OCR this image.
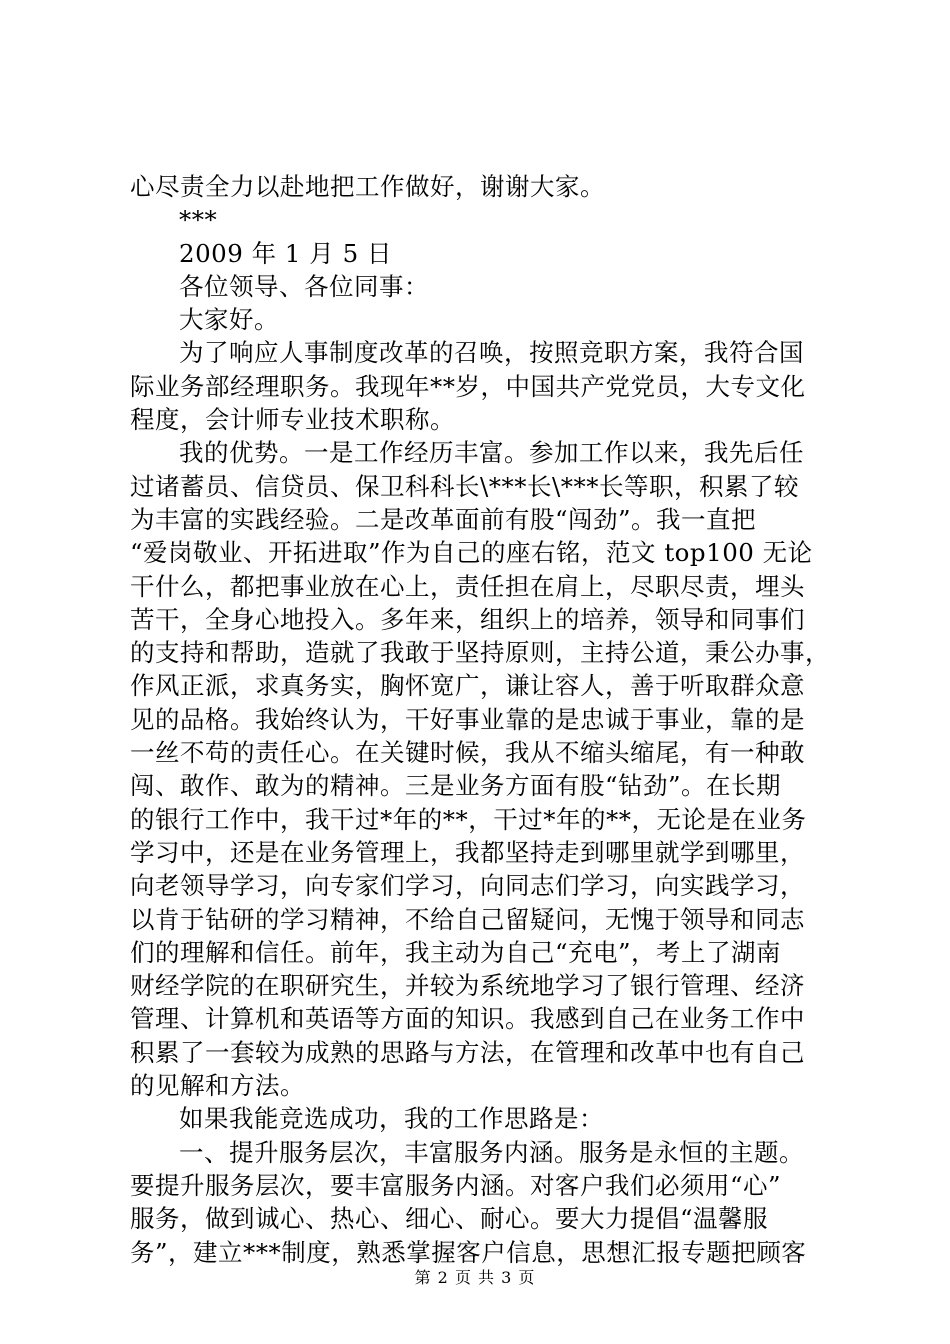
心尽责全力以赴地把工作做好，谢谢大家。
***
2009 年 1 月 5 日
各位领导、各位同事：
大家好。
为了响应人事制度改革的召唤，按照竞职方案，我符合国
际业务部经理职务。我现年**岁，中国共产党党员，大专文化
程度，会计师专业技术职称。
我的优势。一是工作经历丰富。参加工作以来，我先后任
过诸蓄员、信贷员、保卫科科长\***长\***长等职，积累了较
为丰富的实践经验。二是改革面前有股“闯劲”。我一直把
“爱岗敬业、开拓进取”作为自己的座右铭，范文 top100 无论
干什么，都把事业放在心上，责任担在肩上，尽职尽责，埋头
苦干，全身心地投入。多年来，组织上的培养，领导和同事们
的支持和帮助，造就了我敢于坚持原则，主持公道，秉公办事，
作风正派，求真务实，胸怀宽广，谦让容人，善于听取群众意
见的品格。我始终认为，干好事业靠的是忠诚于事业，靠的是
一丝不苟的责任心。在关键时候，我从不缩头缩尾，有一种敢
闯、敢作、敢为的精神。三是业务方面有股“钻劲”。在长期
的银行工作中，我干过*年的**，干过*年的**，无论是在业务
学习中，还是在业务管理上，我都坚持走到哪里就学到哪里，
向老领导学习，向专家们学习，向同志们学习，向实践学习，
以肯于钻研的学习精神，不给自己留疑问，无愧于领导和同志
们的理解和信任。前年，我主动为自己“充电”，考上了湖南
财经学院的在职研究生，并较为系统地学习了银行管理、经济
管理、计算机和英语等方面的知识。我感到自己在业务工作中
积累了一套较为成熟的思路与方法，在管理和改革中也有自己
的见解和方法。
如果我能竞选成功，我的工作思路是：
一、提升服务层次，丰富服务内涵。服务是永恒的主题。
要提升服务层次，要丰富服务内涵。对客户我们必须用“心”
服务，做到诚心、热心、细心、耐心。要大力提倡“温馨服
务”，建立***制度，熟悉掌握客户信息，思想汇报专题把顾客
第 2 页 共 3 页
